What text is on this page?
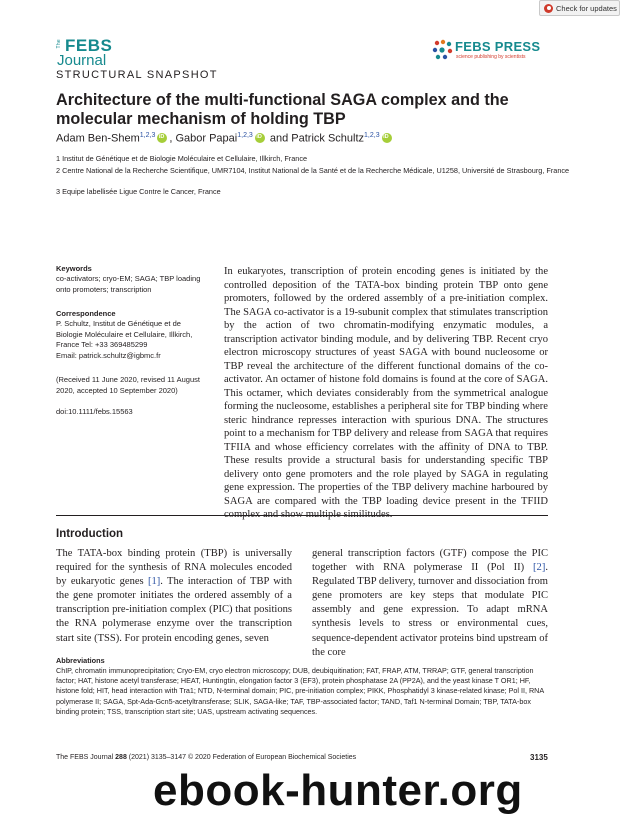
Check for updates
The FEBS
Journal
FEBS PRESS
science publishing by scientists
STRUCTURAL SNAPSHOT
Architecture of the multi-functional SAGA complex and the molecular mechanism of holding TBP
Adam Ben-Shem$^{1,2,3}$iD , Gabor Papai$^{1,2,3}$iD and Patrick Schultz$^{1,2,3}$iD
1 Institut de Génétique et de Biologie Moléculaire et Cellulaire, Illkirch, France
2 Centre National de la Recherche Scientifique, UMR7104, Institut National de la Santé et de la Recherche Médicale, U1258, Université de Strasbourg, France
3 Equipe labellisée Ligue Contre le Cancer, France
Keywords
co-activators; cryo-EM; SAGA; TBP loading onto promoters; transcription
Correspondence
P. Schultz, Institut de Génétique et de
Biologie Moléculaire et Cellulaire, Illkirch,
France Tel: +33 369485299
Email: patrick.schultz@igbmc.fr
(Received 11 June 2020, revised 11 August 2020, accepted 10 September 2020)
doi:10.1111/febs.15563
In eukaryotes, transcription of protein encoding genes is initiated by the controlled deposition of the TATA-box binding protein TBP onto gene promoters, followed by the ordered assembly of a pre-initiation complex. The SAGA co-activator is a 19-subunit complex that stimulates transcription by the action of two chromatin-modifying enzymatic modules, a transcription activator binding module, and by delivering TBP. Recent cryo electron microscopy structures of yeast SAGA with bound nucleosome or TBP reveal the architecture of the different functional domains of the co-activator. An octamer of histone fold domains is found at the core of SAGA. This octamer, which deviates considerably from the symmetrical analogue forming the nucleosome, establishes a peripheral site for TBP binding where steric hindrance represses interaction with spurious DNA. The structures point to a mechanism for TBP delivery and release from SAGA that requires TFIIA and whose efficiency correlates with the affinity of DNA to TBP. These results provide a structural basis for understanding specific TBP delivery onto gene promoters and the role played by SAGA in regulating gene expression. The properties of the TBP delivery machine harboured by SAGA are compared with the TBP loading device present in the TFIID
Introduction
The TATA-box binding protein (TBP) is universally required for the synthesis of RNA molecules encoded by eukaryotic genes [1]. The interaction of TBP with the gene promoter initiates the ordered assembly of a transcription pre-initiation complex (PIC) that positions the RNA polymerase enzyme over the transcription start site (TSS). For protein encoding genes, seven
general transcription factors (GTF) compose the PIC together with RNA polymerase II (Pol II) [2]. Regulated TBP delivery, turnover and dissociation from gene promoters are key steps that modulate PIC assembly and gene expression. To adapt mRNA synthesis levels to stress or environmental cues, sequence-dependent activator proteins bind upstream of the core
Abbreviations
ChIP, chromatin immunoprecipitation; Cryo-EM, cryo electron microscopy; DUB, deubiquitination; FAT, FRAP, ATM, TRRAP; GTF, general transcription factor; HAT, histone acetyl transferase; HEAT, Huntingtin, elongation factor 3 (EF3), protein phosphatase 2A (PP2A), and the yeast kinase T OR1; HF, histone fold; HIT, head interaction with Tra1; NTD, N-terminal domain; PIC, pre-initiation complex; PIKK, Phosphatidyl 3 kinase-related kinase; Pol II, RNA polymerase II; SAGA, Spt-Ada-Gcn5-acetyltransferase; SLIK, SAGA-like; TAF, TBP-associated factor; TAND, Taf1 N-terminal Domain; TBP, TATA-box binding protein; TSS, transcription start site; UAS, upstream activating sequences.
The FEBS Journal 288 (2021) 3135–3147 © 2020 Federation of European Biochemical Societies	3135
ebook-hunter.org
